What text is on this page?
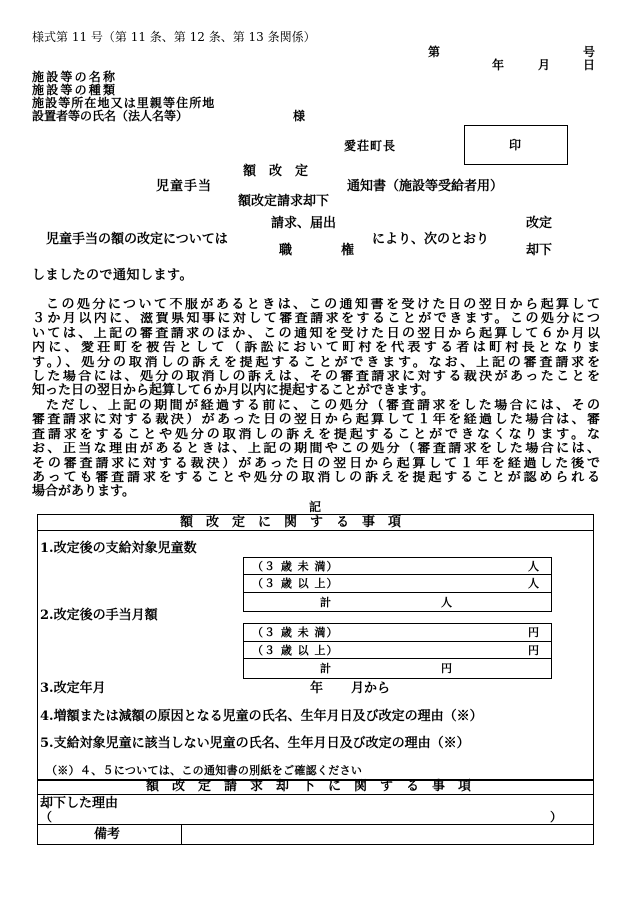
様式第 11 号（第 11 条、第 12 条、第 13 条関係）
第	号
年	月	日
施設等の名称
施設等の種類
施設等所在地又は里親等住所地
設置者等の氏名（法人名等）	様
愛荘町長	印
額　改　定
児童手当	通知書（施設等受給者用）
額改定請求却下
請求、届出	改定
児童手当の額の改定については	により、次のとおり
職	権	却下
しましたので通知します。
この処分について不服があるときは、この通知書を受けた日の翌日から起算して
３か月以内に、滋賀県知事に対して審査請求をすることができます。この処分につ
いては、上記の審査請求のほか、この通知を受けた日の翌日から起算して６か月以
内に、愛荘町を被告として（訴訟において町村を代表する者は町村長となりま
す。）、処分の取消しの訴えを提起することができます。なお、上記の審査請求を
した場合には、処分の取消しの訴えは、その審査請求に対する裁決があったことを
知った日の翌日から起算して６か月以内に提起することができます。
ただし、上記の期間が経過する前に、この処分（審査請求をした場合には、その
審査請求に対する裁決）があった日の翌日から起算して１年を経過した場合は、審
査請求をすることや処分の取消しの訴えを提起することができなくなります。な
お、正当な理由があるときは、上記の期間やこの処分（審査請求をした場合には、
その審査請求に対する裁決）があった日の翌日から起算して１年を経過した後で
あっても審査請求をすることや処分の取消しの訴えを提起することが認められる
場合があります。
記
額　改　定　に　関　す　る　事　項
1.改定後の支給対象児童数
（３ 歳 未 満）	人
（３ 歳 以 上）	人
計	人
2.改定後の手当月額
（３ 歳 未 満）	円
（３ 歳 以 上）	円
計	円
3.改定年月	年 月から
4.増額または減額の原因となる児童の氏名、生年月日及び改定の理由（※）
5.支給対象児童に該当しない児童の氏名、生年月日及び改定の理由（※）
（※）４、５については、この通知書の別紙をご確認ください
額　改　定　請　求　却　下　に　関　す　る　事　項
却下した理由
（	）
備考
